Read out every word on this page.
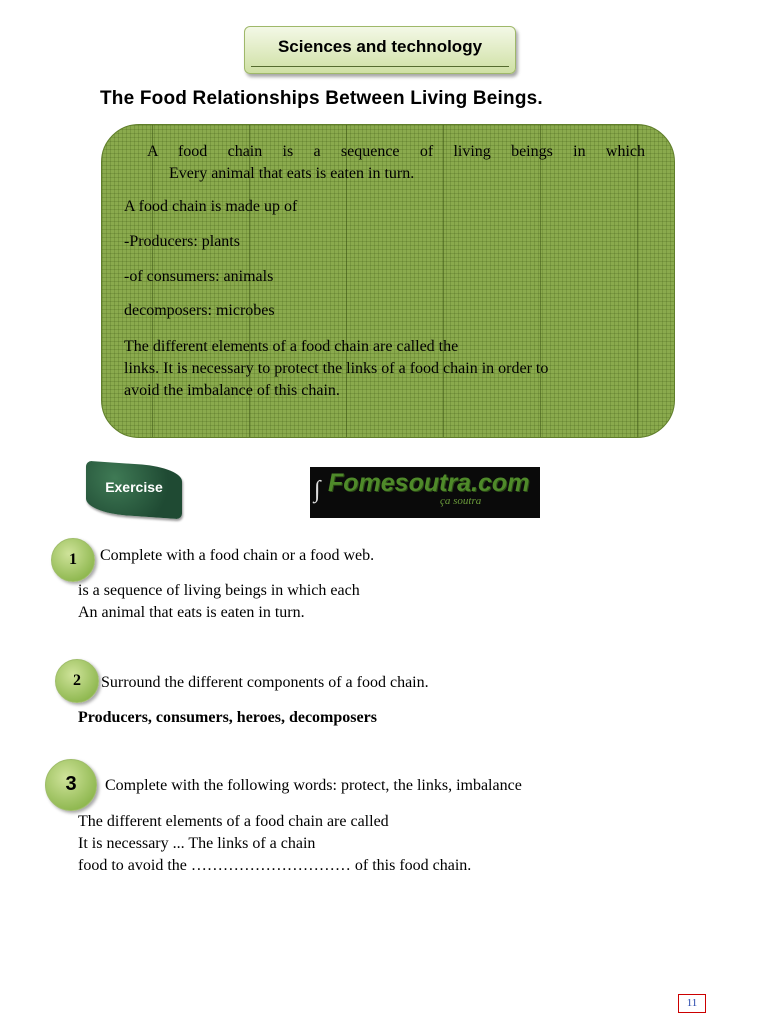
Sciences and technology
The Food Relationships Between Living Beings.
A food chain is a sequence of living beings in which
Every animal that eats is eaten in turn.
A food chain is made up of
-Producers: plants
-of consumers: animals
decomposers: microbes
The different elements of a food chain are called the
links. It is necessary to protect the links of a food chain in order to
avoid the imbalance of this chain.
Exercise	∫ Fomesoutra.com
ça soutra
1	Complete with a food chain or a food web.
is a sequence of living beings in which each
An animal that eats is eaten in turn.
2	Surround the different components of a food chain.
Producers, consumers, heroes, decomposers
3	Complete with the following words: protect, the links, imbalance
The different elements of a food chain are called
It is necessary ... The links of a chain
food to avoid the ………………………… of this food chain.
11
